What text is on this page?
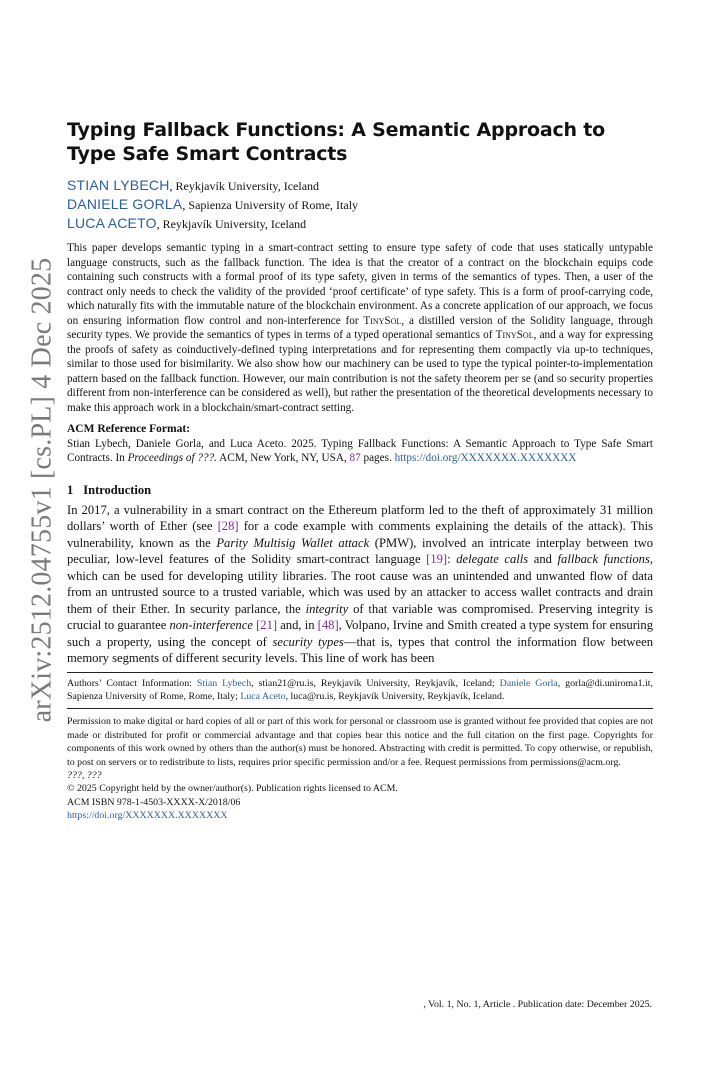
arXiv:2512.04755v1 [cs.PL] 4 Dec 2025
Typing Fallback Functions: A Semantic Approach to Type Safe Smart Contracts
STIAN LYBECH, Reykjavík University, Iceland
DANIELE GORLA, Sapienza University of Rome, Italy
LUCA ACETO, Reykjavík University, Iceland

This paper develops semantic typing in a smart-contract setting to ensure type safety of code that uses statically untypable language constructs, such as the fallback function. The idea is that the creator of a contract on the blockchain equips code containing such constructs with a formal proof of its type safety, given in terms of the semantics of types. Then, a user of the contract only needs to check the validity of the provided ‘proof certificate’ of type safety. This is a form of proof-carrying code, which naturally fits with the immutable nature of the blockchain environment. As a concrete application of our approach, we focus on ensuring information flow control and non-interference for TinySol, a distilled version of the Solidity language, through security types. We provide the semantics of types in terms of a typed operational semantics of TinySol, and a way for expressing the proofs of safety as coinductively-defined typing interpretations and for representing them compactly via up-to techniques, similar to those used for bisimilarity. We also show how our machinery can be used to type the typical pointer-to-implementation pattern based on the fallback function. However, our main contribution is not the safety theorem per se (and so security properties different from non-interference can be considered as well), but rather the presentation of the theoretical developments necessary to make this approach work in a blockchain/smart-contract setting.

ACM Reference Format:

Stian Lybech, Daniele Gorla, and Luca Aceto. 2025. Typing Fallback Functions: A Semantic Approach to Type Safe Smart Contracts. In Proceedings of ???. ACM, New York, NY, USA, 87 pages. https://doi.org/XXXXXXX.XXXXXXX

1 Introduction

In 2017, a vulnerability in a smart contract on the Ethereum platform led to the theft of approximately 31 million dollars’ worth of Ether (see [28] for a code example with comments explaining the details of the attack). This vulnerability, known as the Parity Multisig Wallet attack (PMW), involved an intricate interplay between two peculiar, low-level features of the Solidity smart-contract language [19]: delegate calls and fallback functions, which can be used for developing utility libraries. The root cause was an unintended and unwanted flow of data from an untrusted source to a trusted variable, which was used by an attacker to access wallet contracts and drain them of their Ether. In security parlance, the integrity of that variable was compromised. Preserving integrity is crucial to guarantee non-interference [21] and, in [48], Volpano, Irvine and Smith created a type system for ensuring such a property, using the concept of security types—that is, types that control the information flow between memory segments of different security levels. This line of work has been

Authors’ Contact Information: Stian Lybech, stian21@ru.is, Reykjavík University, Reykjavík, Iceland; Daniele Gorla, gorla@di.uniroma1.it, Sapienza University of Rome, Rome, Italy; Luca Aceto, luca@ru.is, Reykjavík University, Reykjavík, Iceland.

Permission to make digital or hard copies of all or part of this work for personal or classroom use is granted without fee provided that copies are not made or distributed for profit or commercial advantage and that copies bear this notice and the full citation on the first page. Copyrights for components of this work owned by others than the author(s) must be honored. Abstracting with credit is permitted. To copy otherwise, or republish, to post on servers or to redistribute to lists, requires prior specific permission and/or a fee. Request permissions from permissions@acm.org.

???, ???
© 2025 Copyright held by the owner/author(s). Publication rights licensed to ACM.
ACM ISBN 978-1-4503-XXXX-X/2018/06
https://doi.org/XXXXXXX.XXXXXXX
, Vol. 1, No. 1, Article . Publication date: December 2025.
